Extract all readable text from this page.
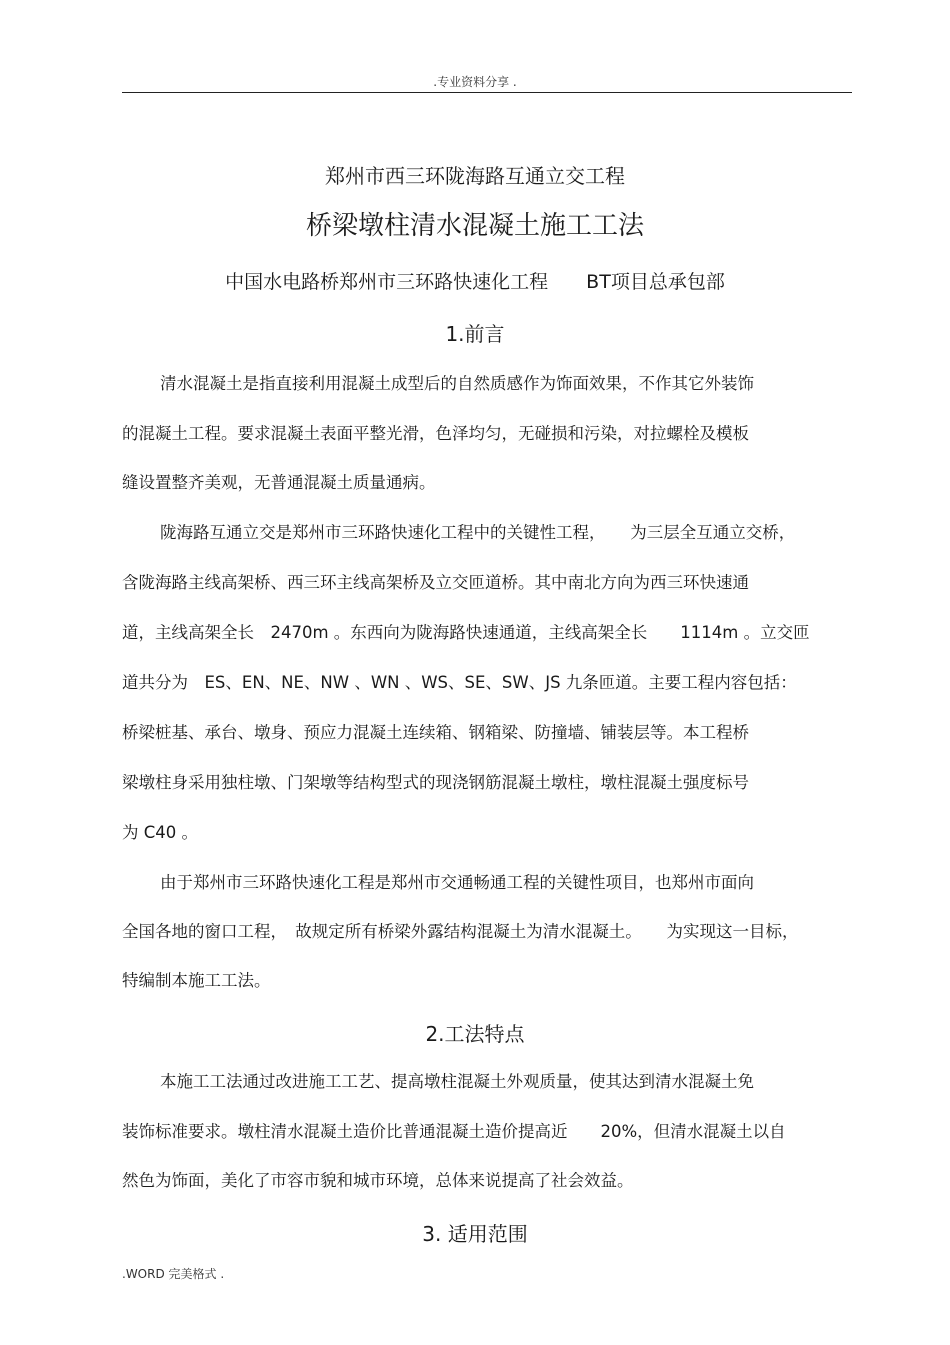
.专业资料分享 .
郑州市西三环陇海路互通立交工程
桥梁墩柱清水混凝土施工工法
中国水电路桥郑州市三环路快速化工程　　BT项目总承包部
1.前言
清水混凝土是指直接利用混凝土成型后的自然质感作为饰面效果，不作其它外装饰
的混凝土工程。要求混凝土表面平整光滑，色泽均匀，无碰损和污染，对拉螺栓及模板
缝设置整齐美观，无普通混凝土质量通病。
陇海路互通立交是郑州市三环路快速化工程中的关键性工程，　　为三层全互通立交桥，
含陇海路主线高架桥、西三环主线高架桥及立交匝道桥。其中南北方向为西三环快速通
道，主线高架全长　2470m 。东西向为陇海路快速通道，主线高架全长　　1114m 。立交匝
道共分为　ES、EN、NE、NW 、WN 、WS、SE、SW、JS 九条匝道。主要工程内容包括：
桥梁桩基、承台、墩身、预应力混凝土连续箱、钢箱梁、防撞墙、铺装层等。本工程桥
梁墩柱身采用独柱墩、门架墩等结构型式的现浇钢筋混凝土墩柱，墩柱混凝土强度标号
为 C40 。
由于郑州市三环路快速化工程是郑州市交通畅通工程的关键性项目，也郑州市面向
全国各地的窗口工程，　故规定所有桥梁外露结构混凝土为清水混凝土。　　为实现这一目标，
特编制本施工工法。
2.工法特点
本施工工法通过改进施工工艺、提高墩柱混凝土外观质量，使其达到清水混凝土免
装饰标准要求。墩柱清水混凝土造价比普通混凝土造价提高近　　20%，但清水混凝土以自
然色为饰面，美化了市容市貌和城市环境，总体来说提高了社会效益。
3. 适用范围
.WORD 完美格式 .
